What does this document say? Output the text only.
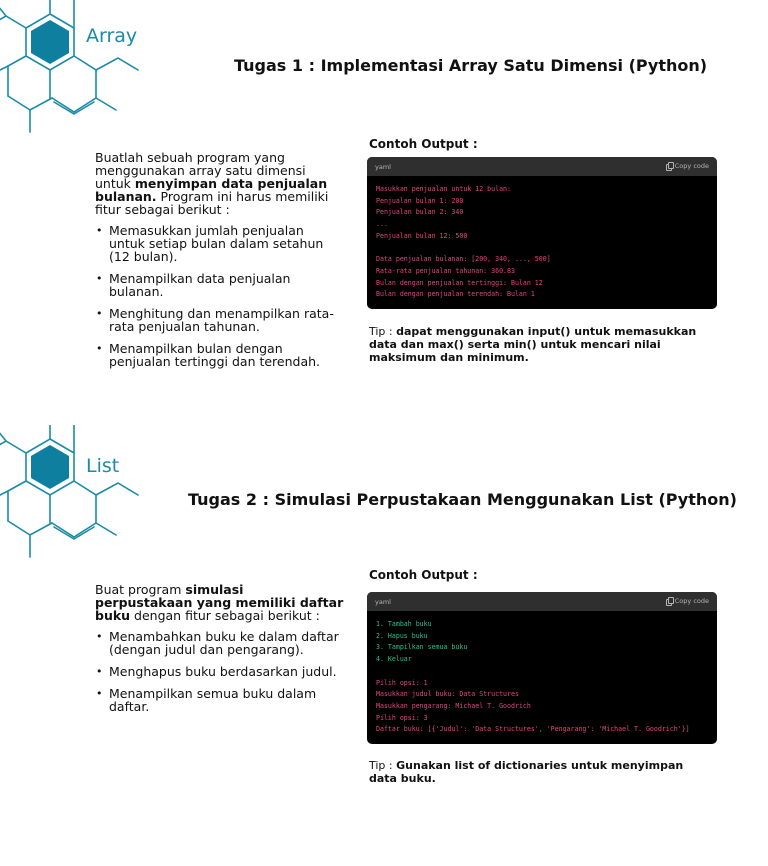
Array
Tugas 1 : Implementasi Array Satu Dimensi (Python)

Buatlah sebuah program yang menggunakan array satu dimensi untuk menyimpan data penjualan bulanan. Program ini harus memiliki fitur sebagai berikut :

• Memasukkan jumlah penjualan untuk setiap bulan dalam setahun (12 bulan).
• Menampilkan data penjualan bulanan.
• Menghitung dan menampilkan rata-rata penjualan tahunan.
• Menampilkan bulan dengan penjualan tertinggi dan terendah.
Contoh Output :
yaml	Copy code
Masukkan penjualan untuk 12 bulan:
Penjualan bulan 1: 200
Penjualan bulan 2: 340
...
Penjualan bulan 12: 500

Data penjualan bulanan: [200, 340, ..., 500]
Rata-rata penjualan tahunan: 360.83
Bulan dengan penjualan tertinggi: Bulan 12
Bulan dengan penjualan terendah: Bulan 1
Tip : dapat menggunakan input() untuk memasukkan data dan max() serta min() untuk mencari nilai maksimum dan minimum.
List
Tugas 2 : Simulasi Perpustakaan Menggunakan List (Python)

Buat program simulasi perpustakaan yang memiliki daftar buku dengan fitur sebagai berikut :

• Menambahkan buku ke dalam daftar (dengan judul dan pengarang).
• Menghapus buku berdasarkan judul.
• Menampilkan semua buku dalam daftar.
Contoh Output :
yaml	Copy code
1. Tambah buku
2. Hapus buku
3. Tampilkan semua buku
4. Keluar

Pilih opsi: 1
Masukkan judul buku: Data Structures
Masukkan pengarang: Michael T. Goodrich
Pilih opsi: 3
Daftar buku: [{'Judul': 'Data Structures', 'Pengarang': 'Michael T. Goodrich'}]
Tip : Gunakan list of dictionaries untuk menyimpan data buku.
